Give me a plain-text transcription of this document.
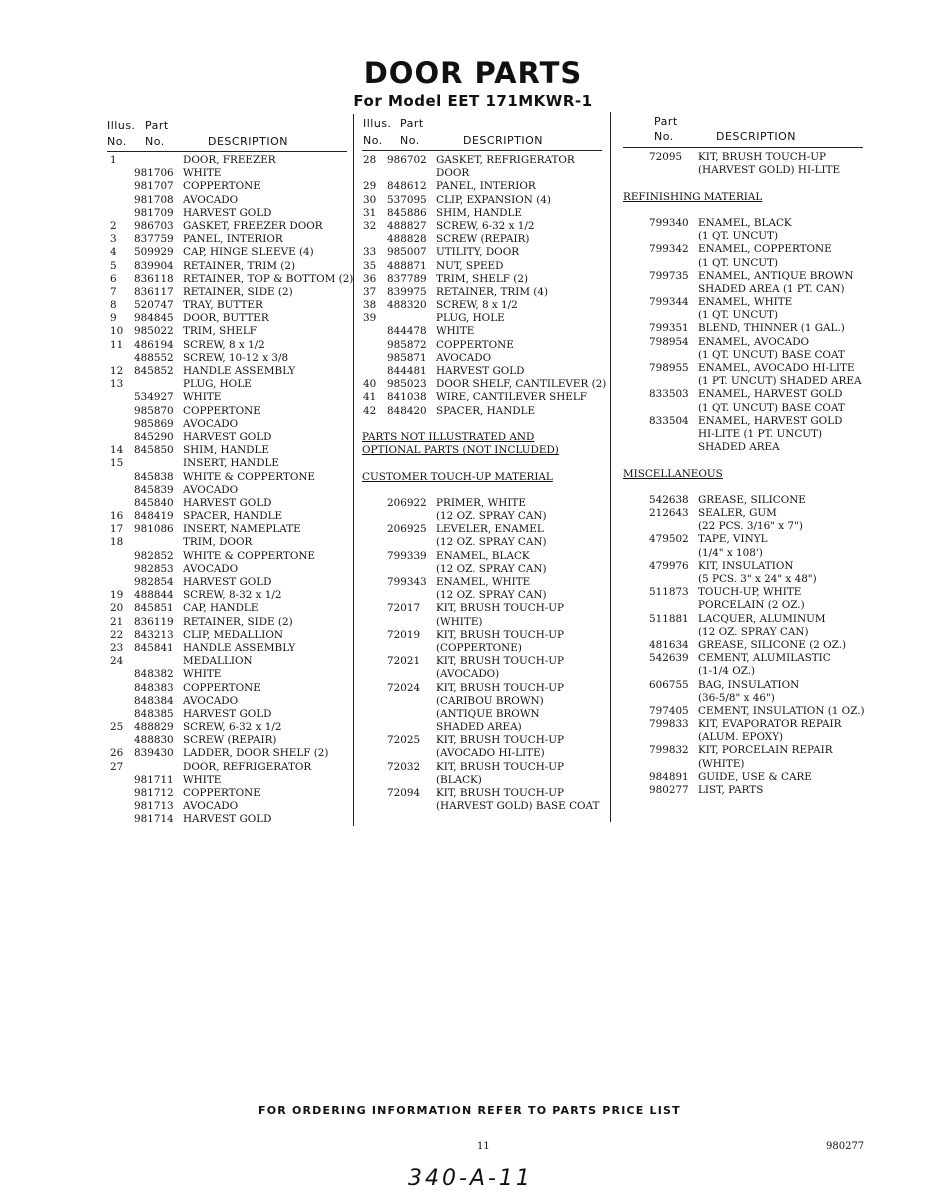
DOOR PARTS
For Model EET 171MKWR-1
Illus. Part
No. No.	DESCRIPTION
Illus. Part
No. No.	DESCRIPTION
Part
No.	DESCRIPTION
1	DOOR, FREEZER
981706 WHITE
981707 COPPERTONE
981708 AVOCADO
981709 HARVEST GOLD
2 986703 GASKET, FREEZER DOOR
3 837759 PANEL, INTERIOR
4 509929 CAP, HINGE SLEEVE (4)
5 839904 RETAINER, TRIM (2)
6 836118 RETAINER, TOP & BOTTOM (2)
7 836117 RETAINER, SIDE (2)
8 520747 TRAY, BUTTER
9 984845 DOOR, BUTTER
10 985022 TRIM, SHELF
11 486194 SCREW, 8 x 1/2
488552 SCREW, 10-12 x 3/8
12 845852 HANDLE ASSEMBLY
13	PLUG, HOLE
534927 WHITE
985870 COPPERTONE
985869 AVOCADO
845290 HARVEST GOLD
14 845850 SHIM, HANDLE
15	INSERT, HANDLE
845838 WHITE & COPPERTONE
845839 AVOCADO
845840 HARVEST GOLD
16 848419 SPACER, HANDLE
17 981086 INSERT, NAMEPLATE
18	TRIM, DOOR
982852 WHITE & COPPERTONE
982853 AVOCADO
982854 HARVEST GOLD
19 488844 SCREW, 8-32 x 1/2
20 845851 CAP, HANDLE
21 836119 RETAINER, SIDE (2)
22 843213 CLIP, MEDALLION
23 845841 HANDLE ASSEMBLY
24	MEDALLION
848382 WHITE
848383 COPPERTONE
848384 AVOCADO
848385 HARVEST GOLD
25 488829 SCREW, 6-32 x 1/2
488830 SCREW (REPAIR)
26 839430 LADDER, DOOR SHELF (2)
27	DOOR, REFRIGERATOR
981711 WHITE
981712 COPPERTONE
981713 AVOCADO
981714 HARVEST GOLD
28 986702 GASKET, REFRIGERATOR
DOOR
29 848612 PANEL, INTERIOR
30 537095 CLIP, EXPANSION (4)
31 845886 SHIM, HANDLE
32 488827 SCREW, 6-32 x 1/2
488828 SCREW (REPAIR)
33 985007 UTILITY, DOOR
35 488871 NUT, SPEED
36 837789 TRIM, SHELF (2)
37 839975 RETAINER, TRIM (4)
38 488320 SCREW, 8 x 1/2
39	PLUG, HOLE
844478 WHITE
985872 COPPERTONE
985871 AVOCADO
844481 HARVEST GOLD
40 985023 DOOR SHELF, CANTILEVER (2)
41 841038 WIRE, CANTILEVER SHELF
42 848420 SPACER, HANDLE
PARTS NOT ILLUSTRATED AND
OPTIONAL PARTS (NOT INCLUDED)
CUSTOMER TOUCH-UP MATERIAL
206922 PRIMER, WHITE
(12 OZ. SPRAY CAN)
206925 LEVELER, ENAMEL
(12 OZ. SPRAY CAN)
799339 ENAMEL, BLACK
(12 OZ. SPRAY CAN)
799343 ENAMEL, WHITE
(12 OZ. SPRAY CAN)
72017 KIT, BRUSH TOUCH-UP
(WHITE)
72019 KIT, BRUSH TOUCH-UP
(COPPERTONE)
72021 KIT, BRUSH TOUCH-UP
(AVOCADO)
72024 KIT, BRUSH TOUCH-UP
(CARIBOU BROWN)
(ANTIQUE BROWN
SHADED AREA)
72025 KIT, BRUSH TOUCH-UP
(AVOCADO HI-LITE)
72032 KIT, BRUSH TOUCH-UP
(BLACK)
72094 KIT, BRUSH TOUCH-UP
(HARVEST GOLD) BASE COAT
72095 KIT, BRUSH TOUCH-UP
(HARVEST GOLD) HI-LITE
REFINISHING MATERIAL
799340 ENAMEL, BLACK
(1 QT. UNCUT)
799342 ENAMEL, COPPERTONE
(1 QT. UNCUT)
799735 ENAMEL, ANTIQUE BROWN
SHADED AREA (1 PT. CAN)
799344 ENAMEL, WHITE
(1 QT. UNCUT)
799351 BLEND, THINNER (1 GAL.)
798954 ENAMEL, AVOCADO
(1 QT. UNCUT) BASE COAT
798955 ENAMEL, AVOCADO HI-LITE
(1 PT. UNCUT) SHADED AREA
833503 ENAMEL, HARVEST GOLD
(1 QT. UNCUT) BASE COAT
833504 ENAMEL, HARVEST GOLD
HI-LITE (1 PT. UNCUT)
SHADED AREA
MISCELLANEOUS
542638 GREASE, SILICONE
212643 SEALER, GUM
(22 PCS. 3/16" x 7")
479502 TAPE, VINYL
(1/4" x 108')
479976 KIT, INSULATION
(5 PCS. 3" x 24" x 48")
511873 TOUCH-UP, WHITE
PORCELAIN (2 OZ.)
511881 LACQUER, ALUMINUM
(12 OZ. SPRAY CAN)
481634 GREASE, SILICONE (2 OZ.)
542639 CEMENT, ALUMILASTIC
(1-1/4 OZ.)
606755 BAG, INSULATION
(36-5/8" x 46")
797405 CEMENT, INSULATION (1 OZ.)
799833 KIT, EVAPORATOR REPAIR
(ALUM. EPOXY)
799832 KIT, PORCELAIN REPAIR
(WHITE)
984891 GUIDE, USE & CARE
980277 LIST, PARTS
FOR ORDERING INFORMATION REFER TO PARTS PRICE LIST
11	980277
340-A-11
